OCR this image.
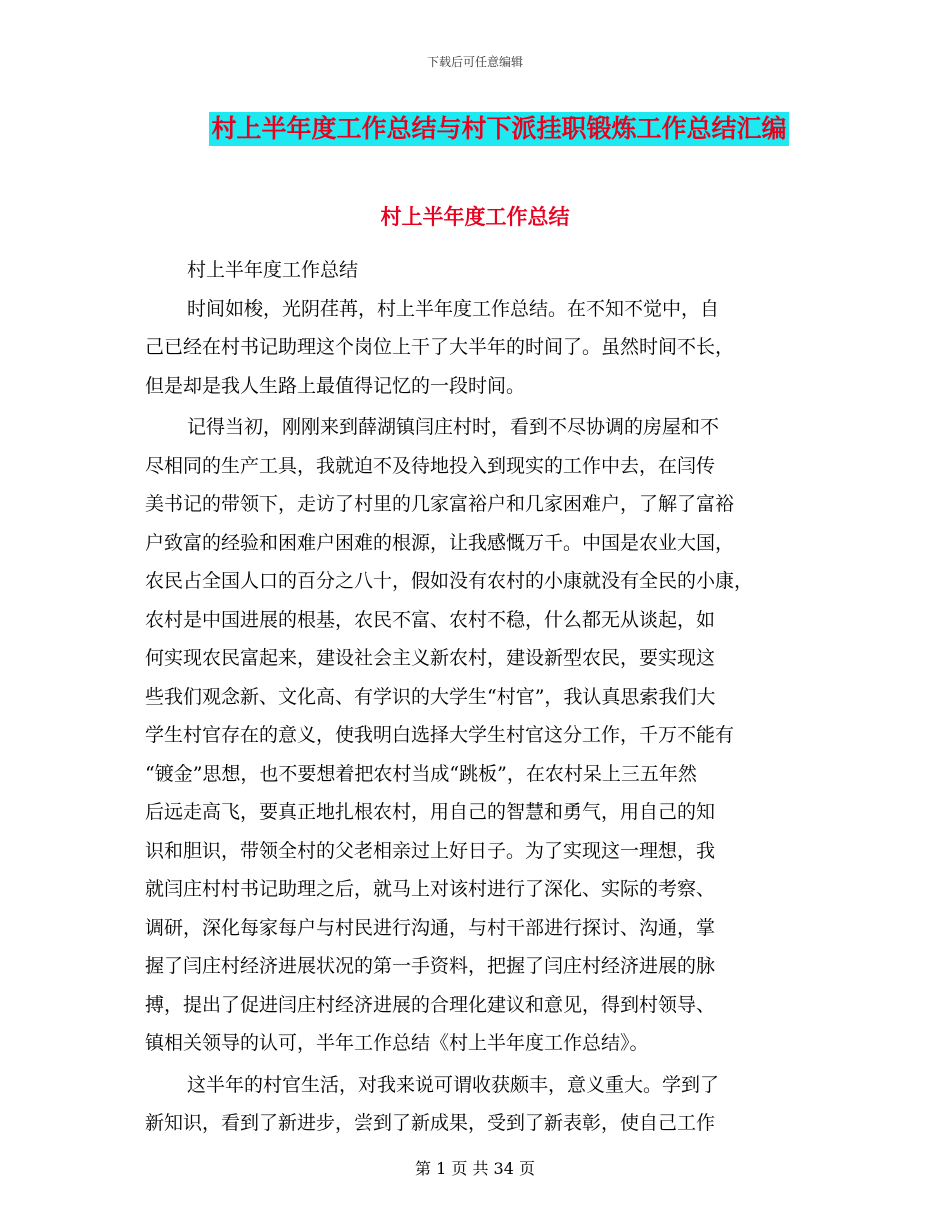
下载后可任意编辑
村上半年度工作总结与村下派挂职锻炼工作总结汇编
村上半年度工作总结
村上半年度工作总结
时间如梭，光阴荏苒，村上半年度工作总结。在不知不觉中，自
己已经在村书记助理这个岗位上干了大半年的时间了。虽然时间不长，
但是却是我人生路上最值得记忆的一段时间。
记得当初，刚刚来到薛湖镇闫庄村时，看到不尽协调的房屋和不
尽相同的生产工具，我就迫不及待地投入到现实的工作中去，在闫传
美书记的带领下，走访了村里的几家富裕户和几家困难户，了解了富裕
户致富的经验和困难户困难的根源，让我感慨万千。中国是农业大国，
农民占全国人口的百分之八十，假如没有农村的小康就没有全民的小康，
农村是中国进展的根基，农民不富、农村不稳，什么都无从谈起，如
何实现农民富起来，建设社会主义新农村，建设新型农民，要实现这
些我们观念新、文化高、有学识的大学生“村官”，我认真思索我们大
学生村官存在的意义，使我明白选择大学生村官这分工作，千万不能有
“镀金”思想，也不要想着把农村当成“跳板”，在农村呆上三五年然
后远走高飞，要真正地扎根农村，用自己的智慧和勇气，用自己的知
识和胆识，带领全村的父老相亲过上好日子。为了实现这一理想，我
就闫庄村村书记助理之后，就马上对该村进行了深化、实际的考察、
调研，深化每家每户与村民进行沟通，与村干部进行探讨、沟通，掌
握了闫庄村经济进展状况的第一手资料，把握了闫庄村经济进展的脉
搏，提出了促进闫庄村经济进展的合理化建议和意见，得到村领导、
镇相关领导的认可，半年工作总结《村上半年度工作总结》。
这半年的村官生活，对我来说可谓收获颇丰，意义重大。学到了
新知识，看到了新进步，尝到了新成果，受到了新表彰，使自己工作
第 1 页 共 34 页
